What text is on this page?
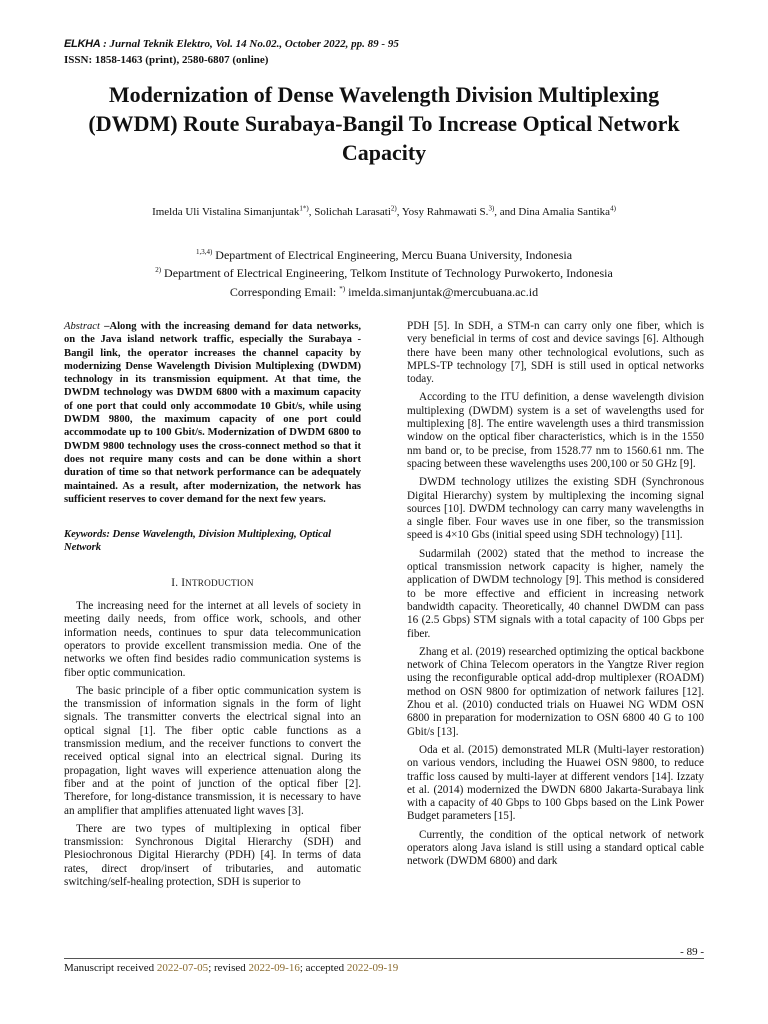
ELKHA : Jurnal Teknik Elektro, Vol. 14 No.02., October 2022, pp. 89 - 95
ISSN: 1858-1463 (print), 2580-6807 (online)
Modernization of Dense Wavelength Division Multiplexing (DWDM) Route Surabaya-Bangil To Increase Optical Network Capacity
Imelda Uli Vistalina Simanjuntak$^{1*)}$, Solichah Larasati$^{2)}$, Yosy Rahmawati S.$^{3)}$, and Dina Amalia Santika$^{4)}$
$^{1,3,4)}$ Department of Electrical Engineering, Mercu Buana University, Indonesia
$^{2)}$ Department of Electrical Engineering, Telkom Institute of Technology Purwokerto, Indonesia
Corresponding Email: *) imelda.simanjuntak@mercubuana.ac.id
Abstract –Along with the increasing demand for data networks, on the Java island network traffic, especially the Surabaya - Bangil link, the operator increases the channel capacity by modernizing Dense Wavelength Division Multiplexing (DWDM) technology in its transmission equipment. At that time, the DWDM technology was DWDM 6800 with a maximum capacity of one port that could only accommodate 10 Gbit/s, while using DWDM 9800, the maximum capacity of one port could accommodate up to 100 Gbit/s. Modernization of DWDM 6800 to DWDM 9800 technology uses the cross-connect method so that it does not require many costs and can be done within a short duration of time so that network performance can be adequately maintained. As a result, after modernization, the network has sufficient reserves to cover demand for the next few years.
Keywords: Dense Wavelength, Division Multiplexing, Optical Network
I. INTRODUCTION

The increasing need for the internet at all levels of society in meeting daily needs, from office work, schools, and other information needs, continues to spur data telecommunication operators to provide excellent transmission media. One of the networks we often find besides radio communication systems is fiber optic communication.

The basic principle of a fiber optic communication system is the transmission of information signals in the form of light signals. The transmitter converts the electrical signal into an optical signal [1]. The fiber optic cable functions as a transmission medium, and the receiver functions to convert the received optical signal into an electrical signal. During its propagation, light waves will experience attenuation along the fiber and at the point of junction of the optical fiber [2]. Therefore, for long-distance transmission, it is necessary to have an amplifier that amplifies attenuated light waves [3].

There are two types of multiplexing in optical fiber transmission: Synchronous Digital Hierarchy (SDH) and Plesiochronous Digital Hierarchy (PDH) [4]. In terms of data rates, direct drop/insert of tributaries, and automatic switching/self-healing protection, SDH is superior to

PDH [5]. In SDH, a STM-n can carry only one fiber, which is very beneficial in terms of cost and device savings [6]. Although there have been many other technological evolutions, such as MPLS-TP technology [7], SDH is still used in optical networks today.

According to the ITU definition, a dense wavelength division multiplexing (DWDM) system is a set of wavelengths used for multiplexing [8]. The entire wavelength uses a third transmission window on the optical fiber characteristics, which is in the 1550 nm band or, to be precise, from 1528.77 nm to 1560.61 nm. The spacing between these wavelengths uses 200,100 or 50 GHz [9].

DWDM technology utilizes the existing SDH (Synchronous Digital Hierarchy) system by multiplexing the incoming signal sources [10]. DWDM technology can carry many wavelengths in a single fiber. Four waves use in one fiber, so the transmission speed is 4×10 Gbs (initial speed using SDH technology) [11].

Sudarmilah (2002) stated that the method to increase the optical transmission network capacity is higher, namely the application of DWDM technology [9]. This method is considered to be more effective and efficient in increasing network bandwidth capacity. Theoretically, 40 channel DWDM can pass 16 (2.5 Gbps) STM signals with a total capacity of 100 Gbps per fiber.

Zhang et al. (2019) researched optimizing the optical backbone network of China Telecom operators in the Yangtze River region using the reconfigurable optical add-drop multiplexer (ROADM) method on OSN 9800 for optimization of network failures [12]. Zhou et al. (2010) conducted trials on Huawei NG WDM OSN 6800 in preparation for modernization to OSN 6800 40 G to 100 Gbit/s [13].

Oda et al. (2015) demonstrated MLR (Multi-layer restoration) on various vendors, including the Huawei OSN 9800, to reduce traffic loss caused by multi-layer at different vendors [14]. Izzaty et al. (2014) modernized the DWDN 6800 Jakarta-Surabaya link with a capacity of 40 Gbps to 100 Gbps based on the Link Power Budget parameters [15].

Currently, the condition of the optical network of network operators along Java island is still using a standard optical cable network (DWDM 6800) and dark

- 89 -
Manuscript received 2022-07-05; revised 2022-09-16; accepted 2022-09-19
